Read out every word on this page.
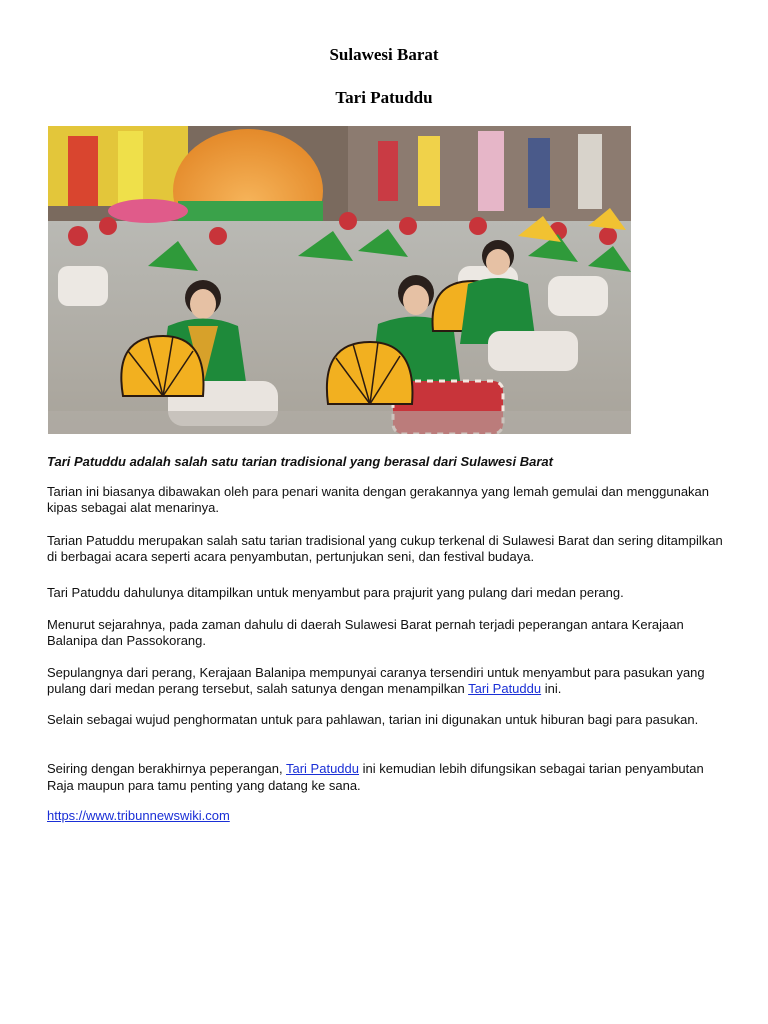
Sulawesi Barat
Tari Patuddu

Tari Patuddu adalah salah satu tarian tradisional yang berasal dari Sulawesi Barat

Tarian ini biasanya dibawakan oleh para penari wanita dengan gerakannya yang lemah gemulai dan menggunakan kipas sebagai alat menarinya.

Tarian Patuddu merupakan salah satu tarian tradisional yang cukup terkenal di Sulawesi Barat dan sering ditampilkan di berbagai acara seperti acara penyambutan, pertunjukan seni, dan festival budaya.

Tari Patuddu dahulunya ditampilkan untuk menyambut para prajurit yang pulang dari medan perang.

Menurut sejarahnya, pada zaman dahulu di daerah Sulawesi Barat pernah terjadi peperangan antara Kerajaan Balanipa dan Passokorang.

Sepulangnya dari perang, Kerajaan Balanipa mempunyai caranya tersendiri untuk menyambut para pasukan yang pulang dari medan perang tersebut, salah satunya dengan menampilkan Tari Patuddu ini.

Selain sebagai wujud penghormatan untuk para pahlawan, tarian ini digunakan untuk hiburan bagi para pasukan.

Seiring dengan berakhirnya peperangan, Tari Patuddu ini kemudian lebih difungsikan sebagai tarian penyambutan Raja maupun para tamu penting yang datang ke sana.

https://www.tribunnewswiki.com
